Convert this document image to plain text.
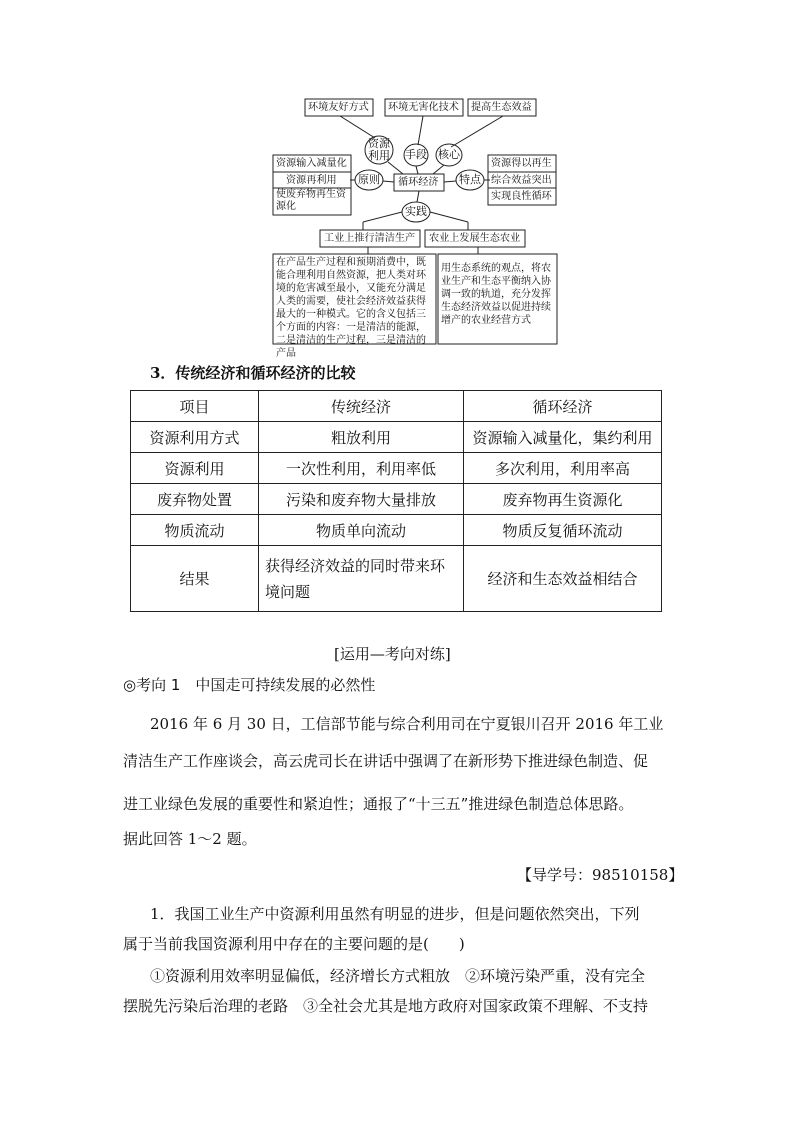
环境友好方式 环境无害化技术 提高生态效益
资源
利用 手段 核心
原则	特点
实践
循环经济
资源输入减量化
资源再利用
使废弃物再生资源化
资源得以再生
综合效益突出
实现良性循环
工业上推行清洁生产 农业上发展生态农业
在产品生产过程和预期消费中，既能合理利用自然资源，把人类对环境的危害减至最小，又能充分满足人类的需要，使社会经济效益获得最大的一种模式。它的含义包括三个方面的内容：一是清洁的能源，二是清洁的生产过程，三是清洁的产品
用生态系统的观点，将农业生产和生态平衡纳入协调一致的轨道，充分发挥生态经济效益以促进持续增产的农业经营方式
3．传统经济和循环经济的比较
项目	传统经济	循环经济
资源利用方式	粗放利用	资源输入减量化，集约利用
资源利用	一次性利用，利用率低	多次利用，利用率高
废弃物处置	污染和废弃物大量排放	废弃物再生资源化
物质流动	物质单向流动	物质反复循环流动
结果	获得经济效益的同时带来环境问题	经济和生态效益相结合
[运用—考向对练]
◎考向 1　中国走可持续发展的必然性
2016 年 6 月 30 日，工信部节能与综合利用司在宁夏银川召开 2016 年工业
清洁生产工作座谈会，高云虎司长在讲话中强调了在新形势下推进绿色制造、促
进工业绿色发展的重要性和紧迫性；通报了“十三五”推进绿色制造总体思路。
据此回答 1～2 题。
【导学号：98510158】
1．我国工业生产中资源利用虽然有明显的进步，但是问题依然突出，下列
属于当前我国资源利用中存在的主要问题的是(　　)
①资源利用效率明显偏低，经济增长方式粗放　②环境污染严重，没有完全
摆脱先污染后治理的老路　③全社会尤其是地方政府对国家政策不理解、不支持
